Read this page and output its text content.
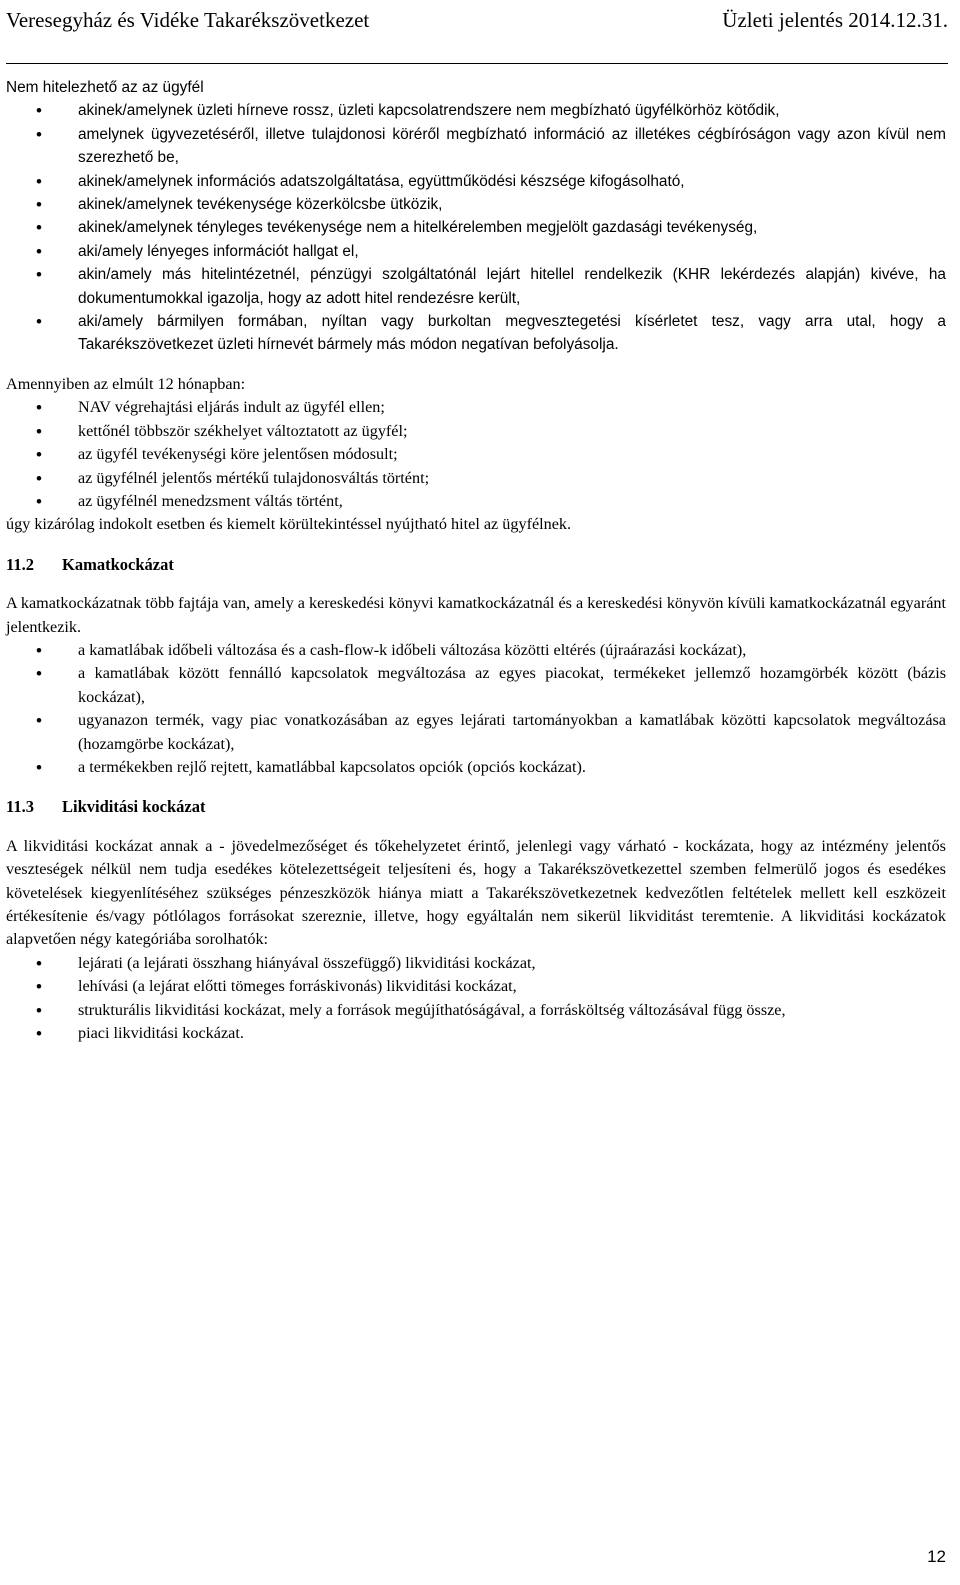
Veresegyház és Vidéke Takarékszövetkezet	Üzleti jelentés 2014.12.31.

Nem hitelezhető az az ügyfél

• akinek/amelynek üzleti hírneve rossz, üzleti kapcsolatrendszere nem megbízható ügyfélkörhöz kötődik,
• amelynek ügyvezetéséről, illetve tulajdonosi köréről megbízható információ az illetékes cégbíróságon vagy azon kívül nem szerezhető be,
• akinek/amelynek információs adatszolgáltatása, együttműködési készsége kifogásolható,
• akinek/amelynek tevékenysége közerkölcsbe ütközik,
• akinek/amelynek tényleges tevékenysége nem a hitelkérelemben megjelölt gazdasági tevékenység,
• aki/amely lényeges információt hallgat el,
• akin/amely más hitelintézetnél, pénzügyi szolgáltatónál lejárt hitellel rendelkezik (KHR lekérdezés alapján) kivéve, ha dokumentumokkal igazolja, hogy az adott hitel rendezésre került,
• aki/amely bármilyen formában, nyíltan vagy burkoltan megvesztegetési kísérletet tesz, vagy arra utal, hogy a Takarékszövetkezet üzleti hírnevét bármely más módon negatívan befolyásolja.

Amennyiben az elmúlt 12 hónapban:

• NAV végrehajtási eljárás indult az ügyfél ellen;
• kettőnél többször székhelyet változtatott az ügyfél;
• az ügyfél tevékenységi köre jelentősen módosult;
• az ügyfélnél jelentős mértékű tulajdonosváltás történt;
• az ügyfélnél menedzsment váltás történt,

úgy kizárólag indokolt esetben és kiemelt körültekintéssel nyújtható hitel az ügyfélnek.

11.2 Kamatkockázat

A kamatkockázatnak több fajtája van, amely a kereskedési könyvi kamatkockázatnál és a kereskedési könyvön kívüli kamatkockázatnál egyaránt jelentkezik.

• a kamatlábak időbeli változása és a cash-flow-k időbeli változása közötti eltérés (újraárazási kockázat),
• a kamatlábak között fennálló kapcsolatok megváltozása az egyes piacokat, termékeket jellemző hozamgörbék között (bázis kockázat),
• ugyanazon termék, vagy piac vonatkozásában az egyes lejárati tartományokban a kamatlábak közötti kapcsolatok megváltozása (hozamgörbe kockázat),
• a termékekben rejlő rejtett, kamatlábbal kapcsolatos opciók (opciós kockázat).

11.3 Likviditási kockázat

A likviditási kockázat annak a - jövedelmezőséget és tőkehelyzetet érintő, jelenlegi vagy várható - kockázata, hogy az intézmény jelentős veszteségek nélkül nem tudja esedékes kötelezettségeit teljesíteni és, hogy a Takarékszövetkezettel szemben felmerülő jogos és esedékes követelések kiegyenlítéséhez szükséges pénzeszközök hiánya miatt a Takarékszövetkezetnek kedvezőtlen feltételek mellett kell eszközeit értékesítenie és/vagy pótlólagos forrásokat szereznie, illetve, hogy egyáltalán nem sikerül likviditást teremtenie. A likviditási kockázatok alapvetően négy kategóriába sorolhatók:

• lejárati (a lejárati összhang hiányával összefüggő) likviditási kockázat,
• lehívási (a lejárat előtti tömeges forráskivonás) likviditási kockázat,
• strukturális likviditási kockázat, mely a források megújíthatóságával, a forrásköltség változásával függ össze,
• piaci likviditási kockázat.
12
